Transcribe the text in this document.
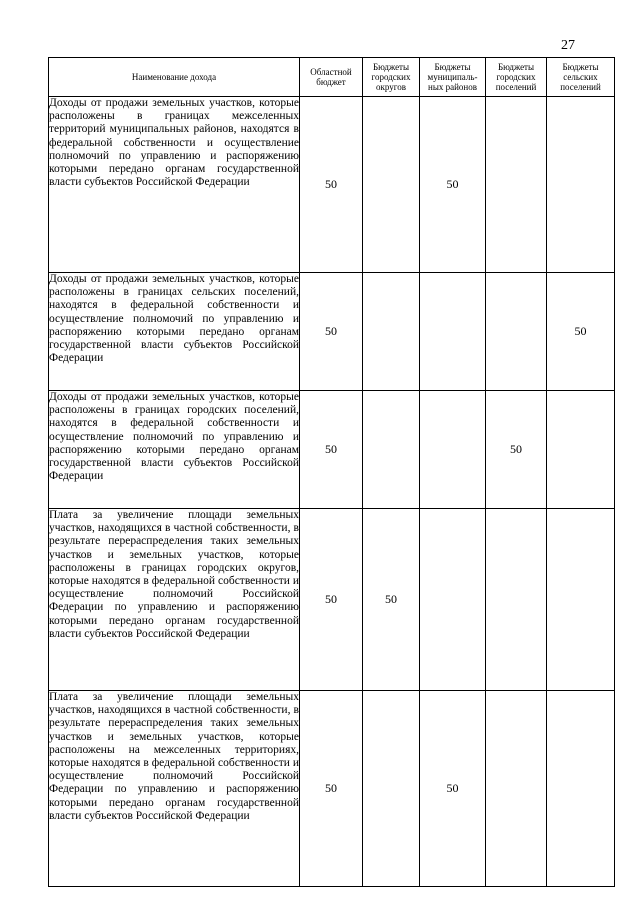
27
Наименование дохода	Областной бюджет	Бюджеты городских округов	Бюджеты муниципаль-ных районов	Бюджеты городских поселений	Бюджеты сельских поселений
Доходы от продажи земельных участков, которые расположены в границах межселенных территорий муниципальных районов, находятся в федеральной собственности и осуществление полномочий по управлению и распоряжению которыми передано органам государственной власти субъектов Российской Федерации	50		50		
Доходы от продажи земельных участков, которые расположены в границах сельских поселений, находятся в федеральной собственности и осуществление полномочий по управлению и распоряжению которыми передано органам государственной власти субъектов Российской Федерации	50				50
Доходы от продажи земельных участков, которые расположены в границах городских поселений, находятся в федеральной собственности и осуществление полномочий по управлению и распоряжению которыми передано органам государственной власти субъектов Российской Федерации	50			50	
Плата за увеличение площади земельных участков, находящихся в частной собственности, в результате перераспределения таких земельных участков и земельных участков, которые расположены в границах городских округов, которые находятся в федеральной собственности и осуществление полномочий Российской Федерации по управлению и распоряжению которыми передано органам государственной власти субъектов Российской Федерации	50	50			
Плата за увеличение площади земельных участков, находящихся в частной собственности, в результате перераспределения таких земельных участков и земельных участков, которые расположены на межселенных территориях, которые находятся в федеральной собственности и осуществление полномочий Российской Федерации по управлению и распоряжению которыми передано органам государственной власти субъектов Российской Федерации	50		50		
